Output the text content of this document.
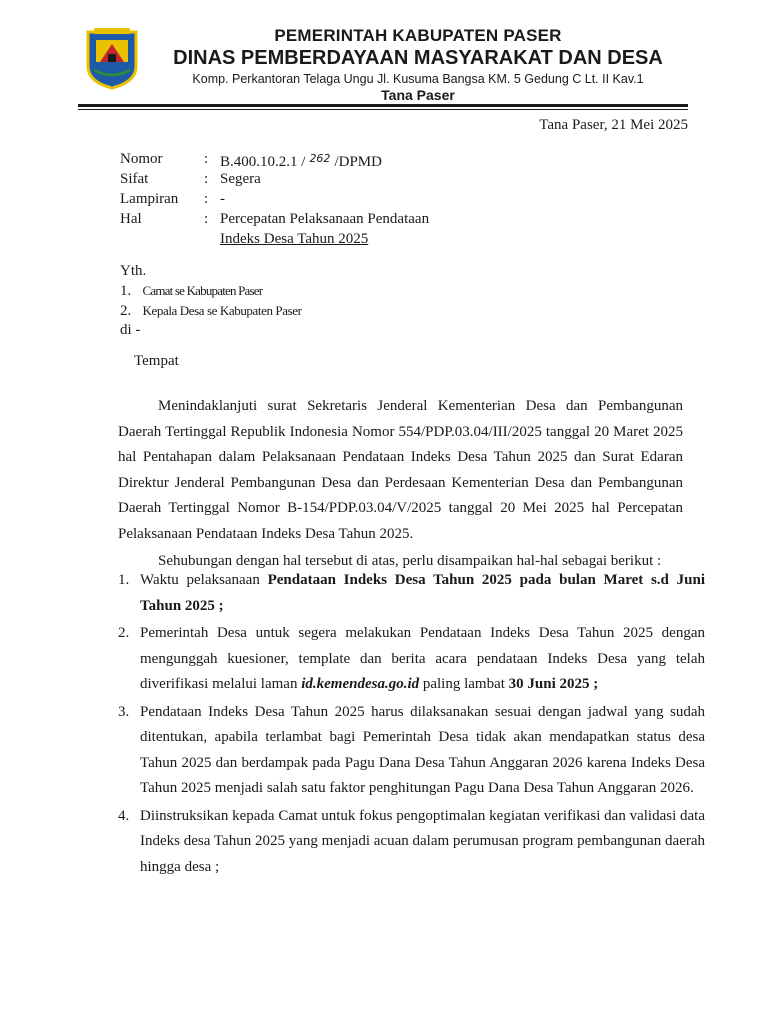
PEMERINTAH KABUPATEN PASER
DINAS PEMBERDAYAAN MASYARAKAT DAN DESA
Komp. Perkantoran Telaga Ungu Jl. Kusuma Bangsa KM. 5 Gedung C Lt. II Kav.1
Tana Paser
Tana Paser, 21 Mei 2025
Nomor	: B.400.10.2.1 / $^{262}$ /DPMD
Sifat	: Segera
Lampiran	: -
Hal	: Percepatan Pelaksanaan Pendataan
Indeks Desa Tahun 2025
Yth.
1. Camat se Kabupaten Paser
2. Kepala Desa se Kabupaten Paser
di -
Tempat

Menindaklanjuti surat Sekretaris Jenderal Kementerian Desa dan Pembangunan Daerah Tertinggal Republik Indonesia Nomor 554/PDP.03.04/III/2025 tanggal 20 Maret 2025 hal Pentahapan dalam Pelaksanaan Pendataan Indeks Desa Tahun 2025 dan Surat Edaran Direktur Jenderal Pembangunan Desa dan Perdesaan Kementerian Desa dan Pembangunan Daerah Tertinggal Nomor B-154/PDP.03.04/V/2025 tanggal 20 Mei 2025 hal Percepatan Pelaksanaan Pendataan Indeks Desa Tahun 2025.

Sehubungan dengan hal tersebut di atas, perlu disampaikan hal-hal sebagai berikut :

1. Waktu pelaksanaan Pendataan Indeks Desa Tahun 2025 pada bulan Maret s.d Juni Tahun 2025 ;
2. Pemerintah Desa untuk segera melakukan Pendataan Indeks Desa Tahun 2025 dengan mengunggah kuesioner, template dan berita acara pendataan Indeks Desa yang telah diverifikasi melalui laman id.kemendesa.go.id paling lambat 30 Juni 2025 ;
3. Pendataan Indeks Desa Tahun 2025 harus dilaksanakan sesuai dengan jadwal yang sudah ditentukan, apabila terlambat bagi Pemerintah Desa tidak akan mendapatkan status desa Tahun 2025 dan berdampak pada Pagu Dana Desa Tahun Anggaran 2026 karena Indeks Desa Tahun 2025 menjadi salah satu faktor penghitungan Pagu Dana Desa Tahun Anggaran 2026.
4. Diinstruksikan kepada Camat untuk fokus pengoptimalan kegiatan verifikasi dan validasi data Indeks desa Tahun 2025 yang menjadi acuan dalam perumusan program pembangunan daerah hingga desa ;
